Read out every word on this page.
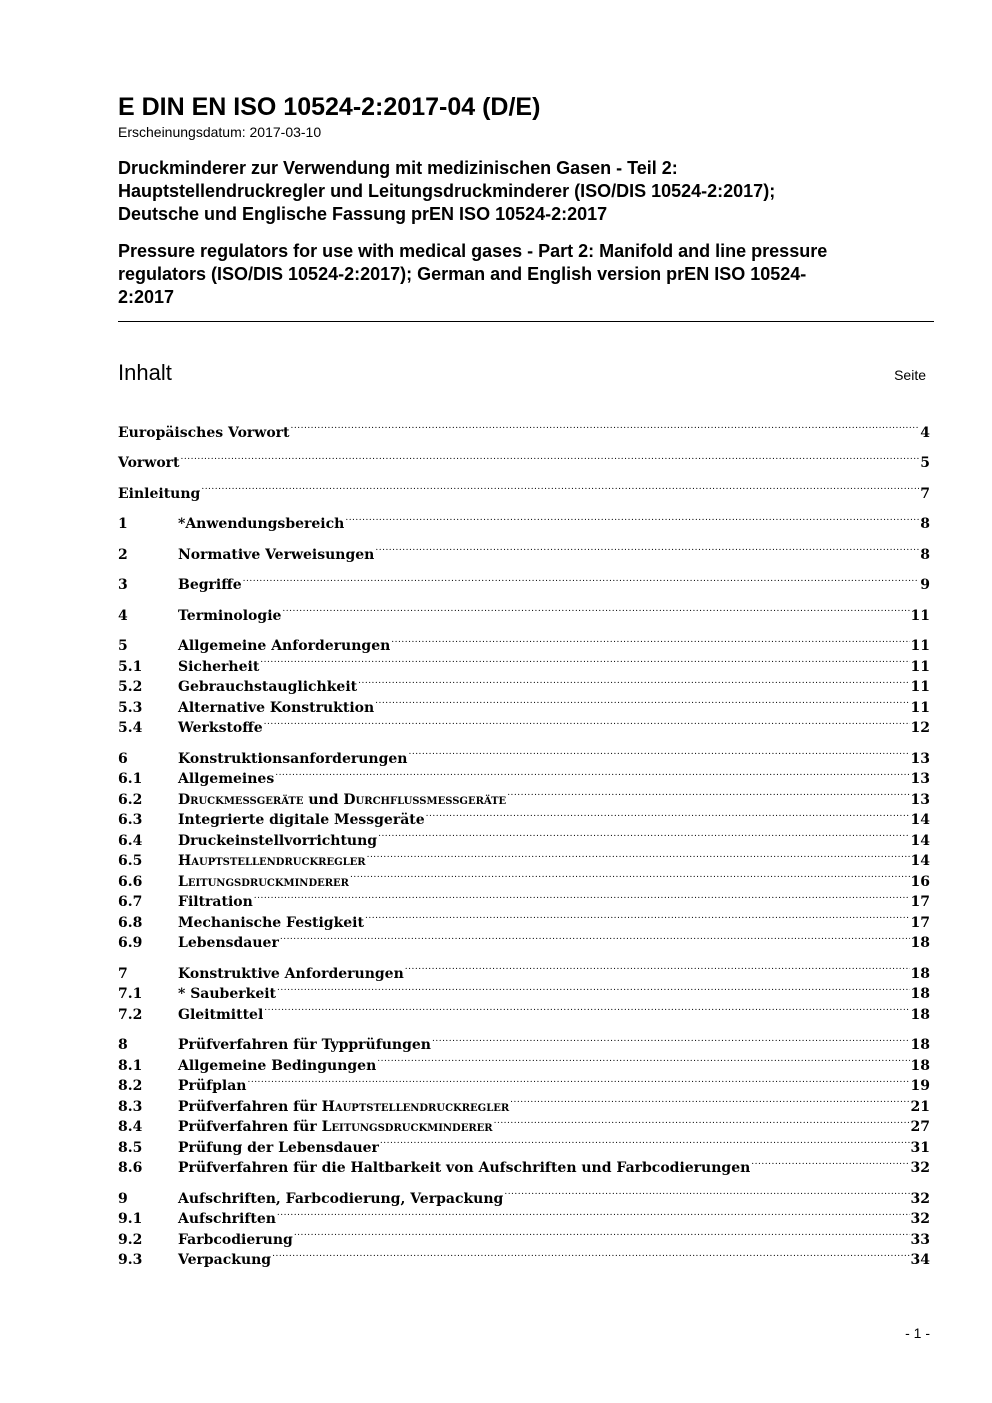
E DIN EN ISO 10524-2:2017-04 (D/E)

Erscheinungsdatum: 2017-03-10

Druckminderer zur Verwendung mit medizinischen Gasen - Teil 2:
Hauptstellendruckregler und Leitungsdruckminderer (ISO/DIS 10524-2:2017);
Deutsche und Englische Fassung prEN ISO 10524-2:2017
Pressure regulators for use with medical gases - Part 2: Manifold and line pressure
regulators (ISO/DIS 10524-2:2017); German and English version prEN ISO 10524-
2:2017
Inhalt	Seite
Europäisches Vorwort .....	4
Vorwort .....	5
Einleitung .....	7
1	*Anwendungsbereich .....	8
2	Normative Verweisungen .....	8
3	Begriffe .....	9
4	Terminologie .....	11
5	Allgemeine Anforderungen .....	11
5.1	Sicherheit .....	11
5.2	Gebrauchstauglichkeit .....	11
5.3	Alternative Konstruktion .....	11
5.4	Werkstoffe .....	12
6	Konstruktionsanforderungen .....	13
6.1	Allgemeines .....	13
6.2	Druckmessgeräte und Durchflussmessgeräte .....	13
6.3	Integrierte digitale Messgeräte .....	14
6.4	Druckeinstellvorrichtung .....	14
6.5	Hauptstellendruckregler .....	14
6.6	Leitungsdruckminderer .....	16
6.7	Filtration .....	17
6.8	Mechanische Festigkeit .....	17
6.9	Lebensdauer .....	18
7	Konstruktive Anforderungen .....	18
7.1	* Sauberkeit .....	18
7.2	Gleitmittel .....	18
8	Prüfverfahren für Typprüfungen .....	18
8.1	Allgemeine Bedingungen .....	18
8.2	Prüfplan .....	19
8.3	Prüfverfahren für Hauptstellendruckregler .....	21
8.4	Prüfverfahren für Leitungsdruckminderer .....	27
8.5	Prüfung der Lebensdauer .....	31
8.6	Prüfverfahren für die Haltbarkeit von Aufschriften und Farbcodierungen .....	32
9	Aufschriften, Farbcodierung, Verpackung .....	32
9.1	Aufschriften .....	32
9.2	Farbcodierung .....	33
9.3	Verpackung .....	34
- 1 -
